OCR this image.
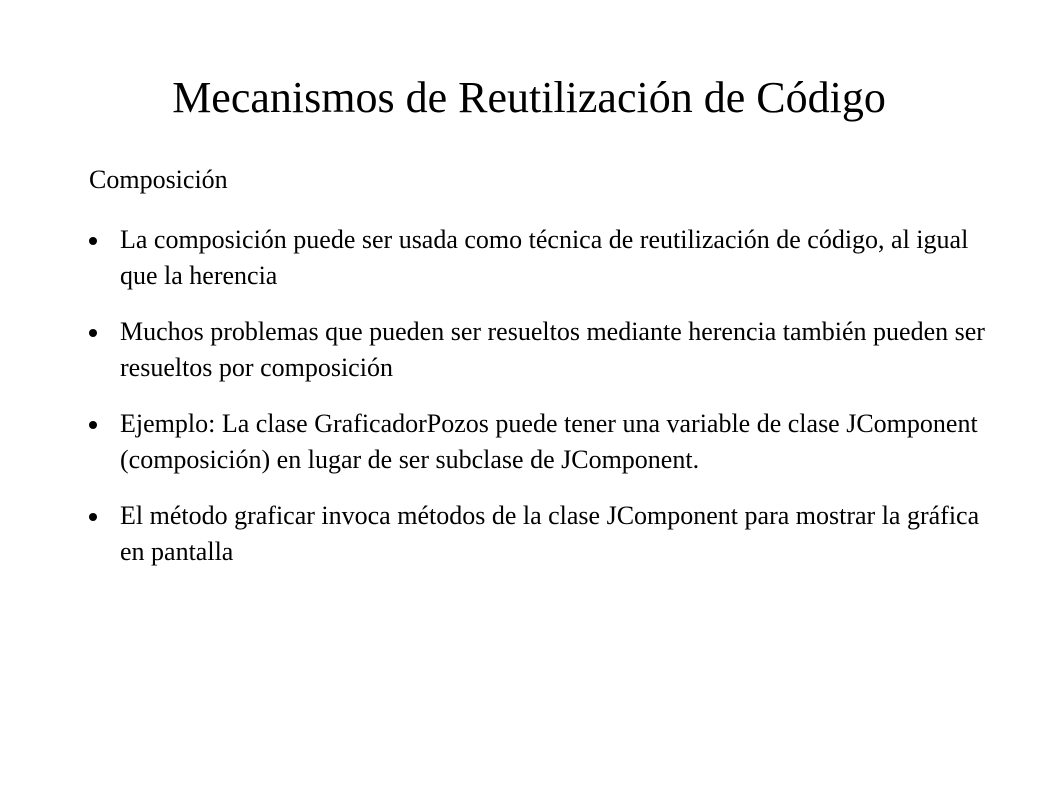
Mecanismos de Reutilización de Código

Composición

La composición puede ser usada como técnica de reutilización de código, al igual que la herencia
Muchos problemas que pueden ser resueltos mediante herencia también pueden ser resueltos por composición
Ejemplo: La clase GraficadorPozos puede tener una variable de clase JComponent (composición) en lugar de ser subclase de JComponent.
El método graficar invoca métodos de la clase JComponent para mostrar la gráfica en pantalla
